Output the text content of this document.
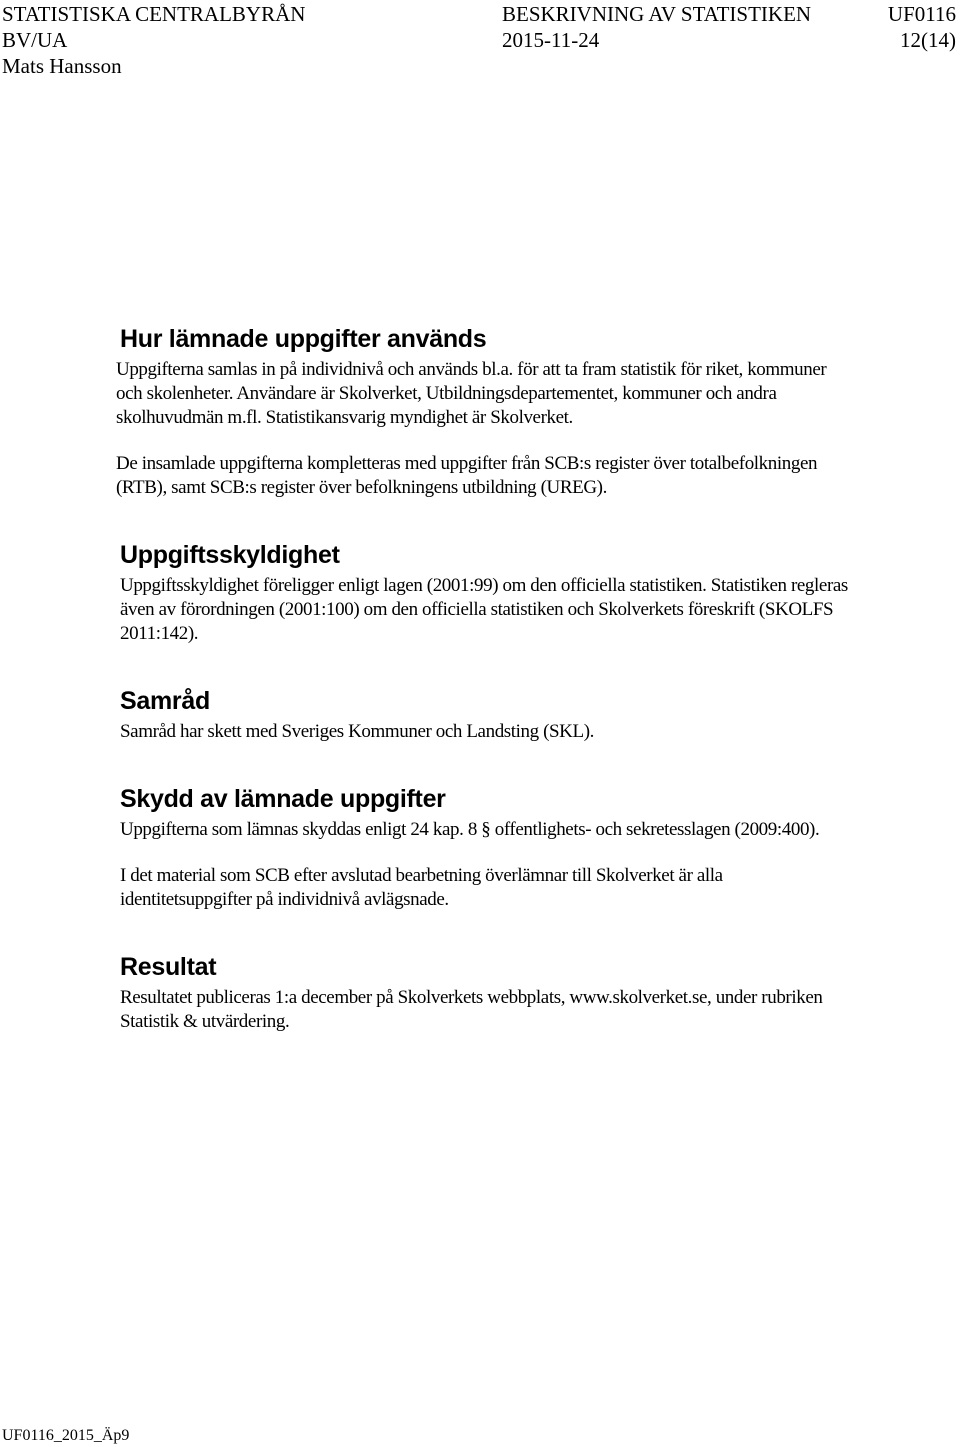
STATISTISKA CENTRALBYRÅN	BESKRIVNING AV STATISTIKEN	UF0116
BV/UA	2015-11-24	12(14)
Mats Hansson
Hur lämnade uppgifter används

Uppgifterna samlas in på individnivå och används bl.a. för att ta fram statistik för riket, kommuner och skolenheter. Användare är Skolverket, Utbildningsdepartementet, kommuner och andra skolhuvudmän m.fl. Statistikansvarig myndighet är Skolverket.

De insamlade uppgifterna kompletteras med uppgifter från SCB:s register över totalbefolkningen (RTB), samt SCB:s register över befolkningens utbildning (UREG).

Uppgiftsskyldighet

Uppgiftsskyldighet föreligger enligt lagen (2001:99) om den officiella statistiken. Statistiken regleras även av förordningen (2001:100) om den officiella statistiken och Skolverkets föreskrift (SKOLFS 2011:142).

Samråd

Samråd har skett med Sveriges Kommuner och Landsting (SKL).

Skydd av lämnade uppgifter

Uppgifterna som lämnas skyddas enligt 24 kap. 8 § offentlighets- och sekretesslagen (2009:400).

I det material som SCB efter avslutad bearbetning överlämnar till Skolverket är alla identitetsuppgifter på individnivå avlägsnade.

Resultat

Resultatet publiceras 1:a december på Skolverkets webbplats, www.skolverket.se, under rubriken Statistik & utvärdering.

UF0116_2015_Äp9
